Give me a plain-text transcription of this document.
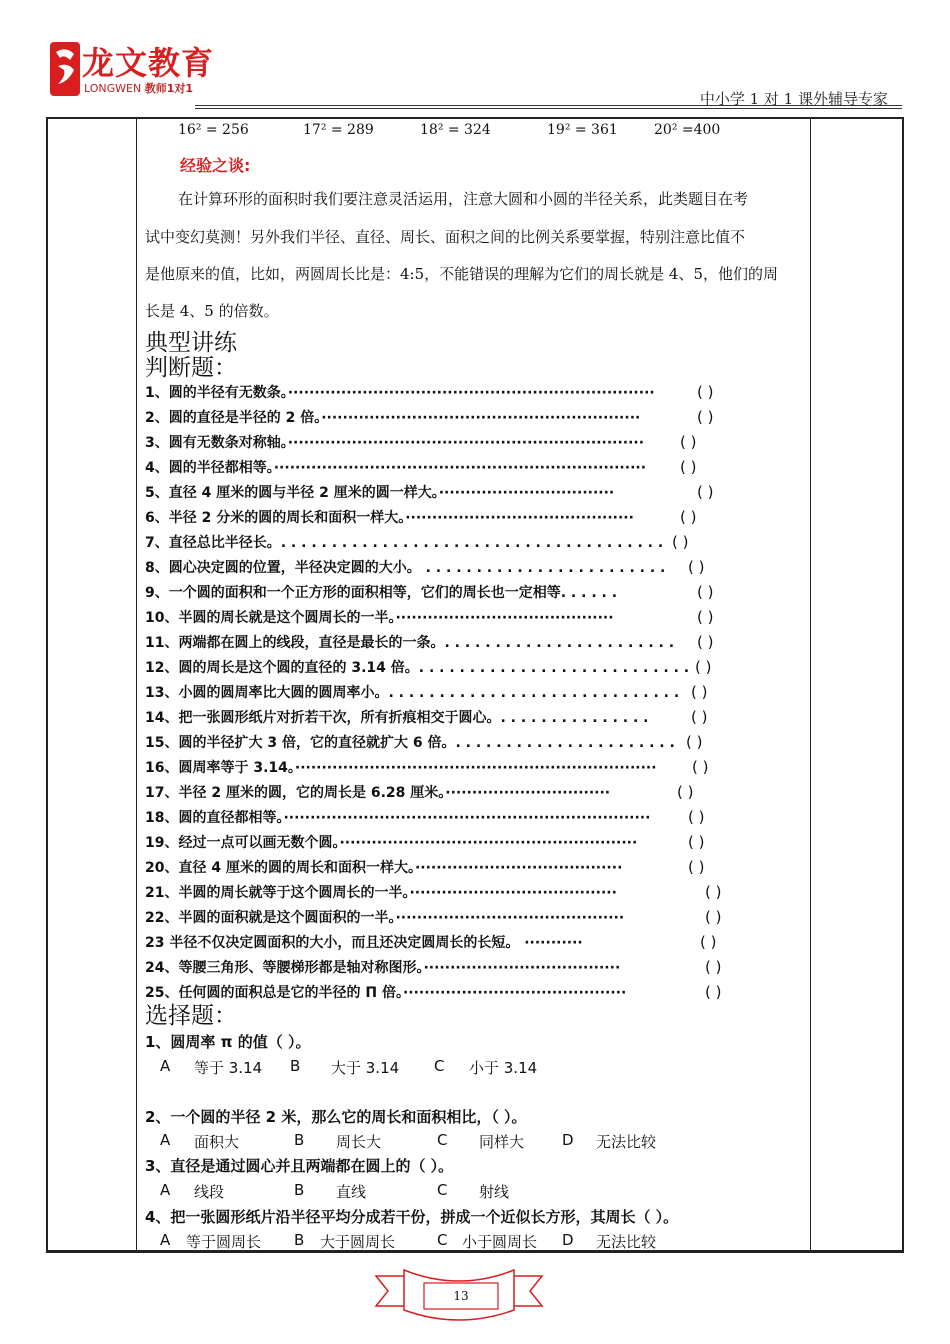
龙文教育
LONGWEN 教师1对1
中小学 1 对 1 课外辅导专家
16² = 256	17² = 289	18² = 324	19² = 361	20² =400
经验之谈:
在计算环形的面积时我们要注意灵活运用，注意大圆和小圆的半径关系，此类题目在考
试中变幻莫测！另外我们半径、直径、周长、面积之间的比例关系要掌握，特别注意比值不
是他原来的值，比如，两圆周长比是：4:5，不能错误的理解为它们的周长就是 4、5，他们的周
长是 4、5 的倍数。
典型讲练
判断题：
1、圆的半径有无数条。·····································································	( )
2、圆的直径是半径的 2 倍。····························································	( )
3、圆有无数条对称轴。··································································· ( )
4、圆的半径都相等。······································································ ( )
5、直径 4 厘米的圆与半径 2 厘米的圆一样大。·································	( )
6、半径 2 分米的圆的周长和面积一样大。···········································	( )
7、直径总比半径长。. . . . . . . . . . . . . . . . . . . . . . . . . . . . . . . . . . . . . . ( )
8、圆心决定圆的位置，半径决定圆的大小。 . . . . . . . . . . . . . . . . . . . . . . . . ( )
9、一个圆的面积和一个正方形的面积相等，它们的周长也一定相等. . . . . .	( )
10、半圆的周长就是这个圆周长的一半。·········································	( )
11、两端都在圆上的线段，直径是最长的一条。. . . . . . . . . . . . . . . . . . . . . . . ( )
12、圆的周长是这个圆的直径的 3.14 倍。. . . . . . . . . . . . . . . . . . . . . . . . . . . ( )
13、小圆的圆周率比大圆的圆周率小。. . . . . . . . . . . . . . . . . . . . . . . . . . . . . ( )
14、把一张圆形纸片对折若干次，所有折痕相交于圆心。. . . . . . . . . . . . . . .	( )
15、圆的半径扩大 3 倍，它的直径就扩大 6 倍。. . . . . . . . . . . . . . . . . . . . . . ( )
16、圆周率等于 3.14。···································································· ( )
17、半径 2 厘米的圆，它的周长是 6.28 厘米。·······························	( )
18、圆的直径都相等。·····································································	( )
19、经过一点可以画无数个圆。························································	( )
20、直径 4 厘米的圆的周长和面积一样大。·······································	( )
21、半圆的周长就等于这个圆周长的一半。·······································	( )
22、半圆的面积就是这个圆面积的一半。···········································	( )
23 半径不仅决定圆面积的大小，而且还决定圆周长的长短。 ···········	( )
24、等腰三角形、等腰梯形都是轴对称图形。·····································	( )
25、任何圆的面积总是它的半径的 П 倍。··········································	( )
选择题：
1、圆周率 π 的值（ ）。
A 等于 3.14 B 大于 3.14 C 小于 3.14
2、一个圆的半径 2 米，那么它的周长和面积相比，（ ）。
A 面积大	B 周长大	C 同样大	D 无法比较
3、直径是通过圆心并且两端都在圆上的（ ）。
A 线段	B 直线	C 射线
4、把一张圆形纸片沿半径平均分成若干份，拼成一个近似长方形，其周长（ ）。
A 等于圆周长 B 大于圆周长	C 小于圆周长 D 无法比较
13
